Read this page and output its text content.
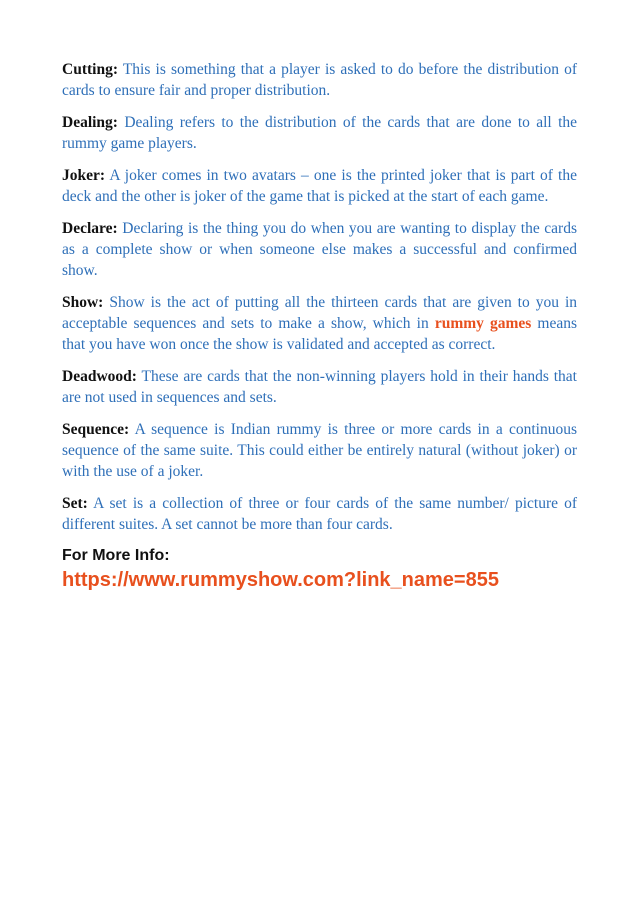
Cutting: This is something that a player is asked to do before the distribution of cards to ensure fair and proper distribution.

Dealing: Dealing refers to the distribution of the cards that are done to all the rummy game players.

Joker: A joker comes in two avatars – one is the printed joker that is part of the deck and the other is joker of the game that is picked at the start of each game.

Declare: Declaring is the thing you do when you are wanting to display the cards as a complete show or when someone else makes a successful and confirmed show.

Show: Show is the act of putting all the thirteen cards that are given to you in acceptable sequences and sets to make a show, which in rummy games means that you have won once the show is validated and accepted as correct.

Deadwood: These are cards that the non-winning players hold in their hands that are not used in sequences and sets.

Sequence: A sequence is Indian rummy is three or more cards in a continuous sequence of the same suite. This could either be entirely natural (without joker) or with the use of a joker.

Set: A set is a collection of three or four cards of the same number/ picture of different suites. A set cannot be more than four cards.

For More Info:

https://www.rummyshow.com?link_name=855
